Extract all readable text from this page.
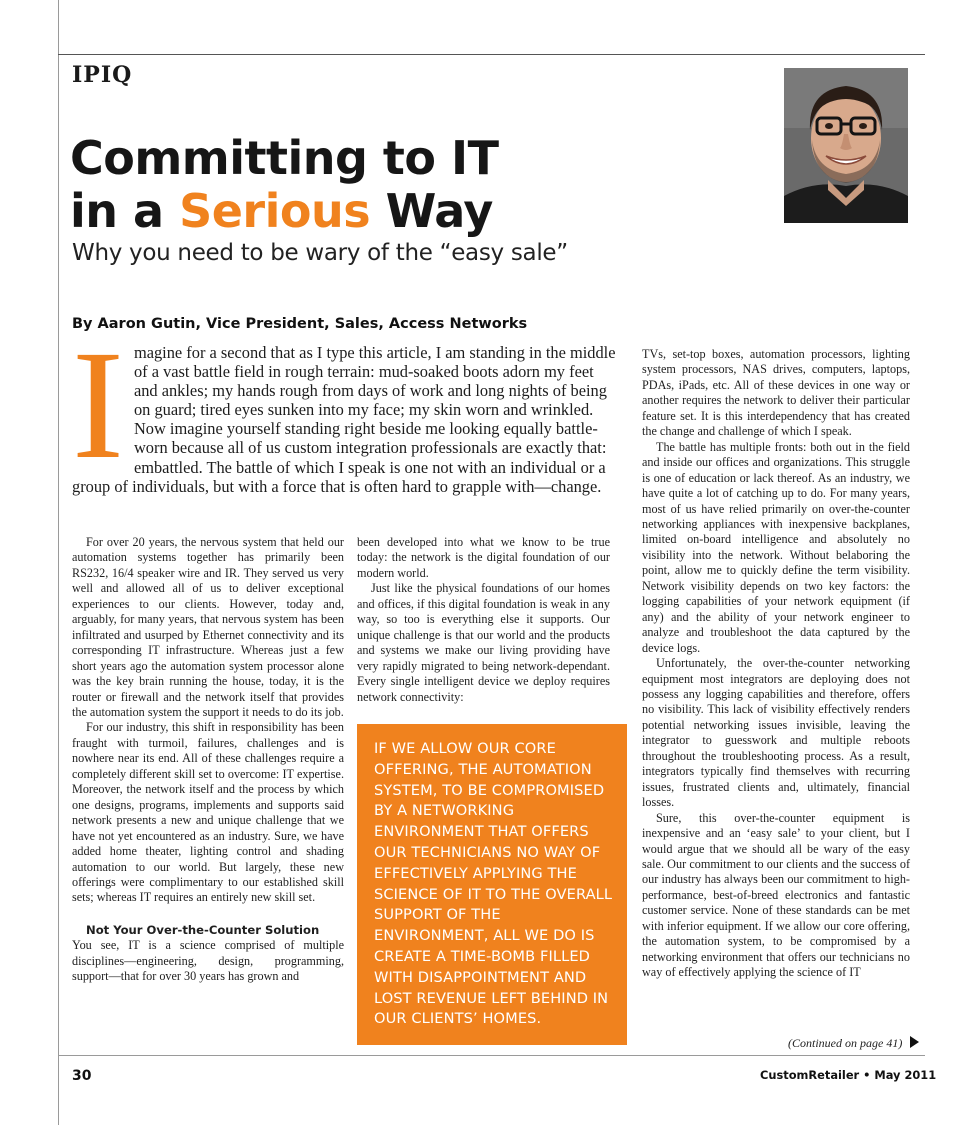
IPIQ
Committing to IT
in a Serious Way
Why you need to be wary of the “easy sale”
By Aaron Gutin, Vice President, Sales, Access Networks
I magine for a second that as I type this article, I am standing in the middle of a vast battle field in rough terrain: mud-soaked boots adorn my feet and ankles; my hands rough from days of work and long nights of being on guard; tired eyes sunken into my face; my skin worn and wrinkled. Now imagine yourself standing right beside me looking equally battle-worn because all of us custom integration professionals are exactly that: embattled. The battle of which I speak is one not with an individual or a group of individuals, but with a force that is often hard to grapple with—change.

For over 20 years, the nervous system that held our automation systems together has primarily been RS232, 16/4 speaker wire and IR. They served us very well and allowed all of us to deliver exceptional experiences to our clients. However, today and, arguably, for many years, that nervous system has been infiltrated and usurped by Ethernet connectivity and its corresponding IT infrastructure. Whereas just a few short years ago the automation system processor alone was the key brain running the house, today, it is the router or firewall and the network itself that provides the automation system the support it needs to do its job.

For our industry, this shift in responsibility has been fraught with turmoil, failures, challenges and is nowhere near its end. All of these challenges require a completely different skill set to overcome: IT expertise. Moreover, the network itself and the process by which one designs, programs, implements and supports said network presents a new and unique challenge that we have not yet encountered as an industry. Sure, we have added home theater, lighting control and shading automation to our world. But largely, these new offerings were complimentary to our established skill sets; whereas IT requires an entirely new skill set.

Not Your Over-the-Counter Solution

You see, IT is a science comprised of multiple disciplines—engineering, design, programming, support—that for over 30 years has grown and

been developed into what we know to be true today: the network is the digital foundation of our modern world.

Just like the physical foundations of our homes and offices, if this digital foundation is weak in any way, so too is everything else it supports. Our unique challenge is that our world and the products and systems we make our living providing have very rapidly migrated to being network-dependant. Every single intelligent device we deploy requires network connectivity:

IF WE ALLOW OUR CORE OFFERING, THE AUTOMATION SYSTEM, TO BE COMPROMISED BY A NETWORKING ENVIRONMENT THAT OFFERS OUR TECHNICIANS NO WAY OF EFFECTIVELY APPLYING THE SCIENCE OF IT TO THE OVERALL SUPPORT OF THE ENVIRONMENT, ALL WE DO IS CREATE A TIME-BOMB FILLED WITH DISAPPOINTMENT AND LOST REVENUE LEFT BEHIND IN OUR CLIENTS’ HOMES.

TVs, set-top boxes, automation processors, lighting system processors, NAS drives, computers, laptops, PDAs, iPads, etc. All of these devices in one way or another requires the network to deliver their particular feature set. It is this interdependency that has created the change and challenge of which I speak.

The battle has multiple fronts: both out in the field and inside our offices and organizations. This struggle is one of education or lack thereof. As an industry, we have quite a lot of catching up to do. For many years, most of us have relied primarily on over-the-counter networking appliances with inexpensive backplanes, limited on-board intelligence and absolutely no visibility into the network. Without belaboring the point, allow me to quickly define the term visibility. Network visibility depends on two key factors: the logging capabilities of your network equipment (if any) and the ability of your network engineer to analyze and troubleshoot the data captured by the device logs.

Unfortunately, the over-the-counter networking equipment most integrators are deploying does not possess any logging capabilities and therefore, offers no visibility. This lack of visibility effectively renders potential networking issues invisible, leaving the integrator to guesswork and multiple reboots throughout the troubleshooting process. As a result, integrators typically find themselves with recurring issues, frustrated clients and, ultimately, financial losses.

Sure, this over-the-counter equipment is inexpensive and an ‘easy sale’ to your client, but I would argue that we should all be wary of the easy sale. Our commitment to our clients and the success of our industry has always been our commitment to high-performance, best-of-breed electronics and fantastic customer service. None of these standards can be met with inferior equipment. If we allow our core offering, the automation system, to be compromised by a networking environment that offers our technicians no way of effectively applying the science of IT

(Continued on page 41)
30	CustomRetailer • May 2011
